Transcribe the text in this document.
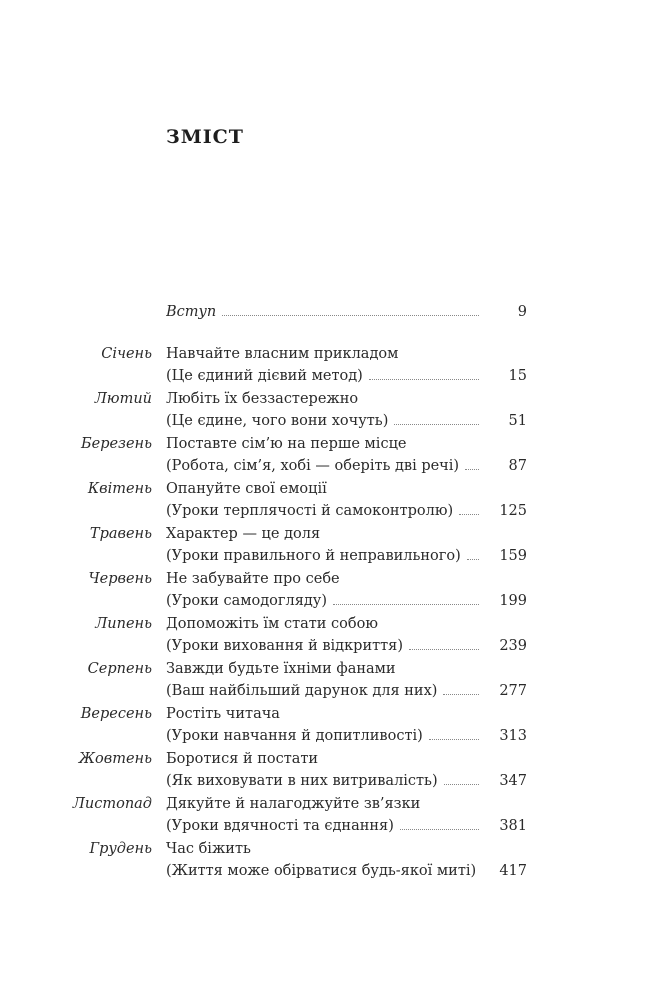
ЗМІСТ
Вступ	9
Січень Навчайте власним прикладом
(Це єдиний дієвий метод)	15
Лютий Любіть їх беззастережно
(Це єдине, чого вони хочуть)	51
Березень Поставте сім’ю на перше місце
(Робота, сім’я, хобі — оберіть дві речі)	87
Квітень Опануйте свої емоції
(Уроки терплячості й самоконтролю)	125
Травень Характер — це доля
(Уроки правильного й неправильного)	159
Червень Не забувайте про себе
(Уроки самодогляду)	199
Липень Допоможіть їм стати собою
(Уроки виховання й відкриття)	239
Серпень Завжди будьте їхніми фанами
(Ваш найбільший дарунок для них)	277
Вересень Ростіть читача
(Уроки навчання й допитливості)	313
Жовтень Боротися й постати
(Як виховувати в них витривалість)	347
Листопад Дякуйте й налагоджуйте зв’язки
(Уроки вдячності та єднання)	381
Грудень Час біжить
(Життя може обірватися будь-якої миті)	417
